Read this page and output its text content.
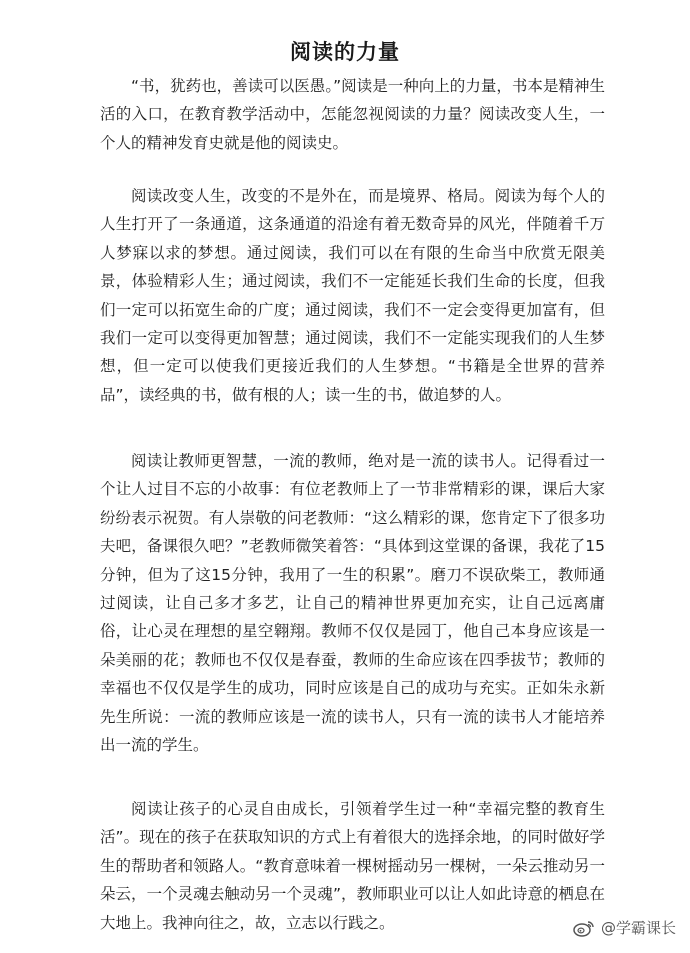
阅读的力量

“书，犹药也，善读可以医愚。”阅读是一种向上的力量，书本是精神生活的入口，在教育教学活动中，怎能忽视阅读的力量？阅读改变人生，一个人的精神发育史就是他的阅读史。

阅读改变人生，改变的不是外在，而是境界、格局。阅读为每个人的人生打开了一条通道，这条通道的沿途有着无数奇异的风光，伴随着千万人梦寐以求的梦想。通过阅读，我们可以在有限的生命当中欣赏无限美景，体验精彩人生；通过阅读，我们不一定能延长我们生命的长度，但我们一定可以拓宽生命的广度；通过阅读，我们不一定会变得更加富有，但我们一定可以变得更加智慧；通过阅读，我们不一定能实现我们的人生梦想，但一定可以使我们更接近我们的人生梦想。“书籍是全世界的营养品”，读经典的书，做有根的人；读一生的书，做追梦的人。

阅读让教师更智慧，一流的教师，绝对是一流的读书人。记得看过一个让人过目不忘的小故事：有位老教师上了一节非常精彩的课，课后大家纷纷表示祝贺。有人崇敬的问老教师：“这么精彩的课，您肯定下了很多功夫吧，备课很久吧？”老教师微笑着答：“具体到这堂课的备课，我花了15分钟，但为了这15分钟，我用了一生的积累”。磨刀不误砍柴工，教师通过阅读，让自己多才多艺，让自己的精神世界更加充实，让自己远离庸俗，让心灵在理想的星空翱翔。教师不仅仅是园丁，他自己本身应该是一朵美丽的花；教师也不仅仅是春蚕，教师的生命应该在四季拔节；教师的幸福也不仅仅是学生的成功，同时应该是自己的成功与充实。正如朱永新先生所说：一流的教师应该是一流的读书人，只有一流的读书人才能培养出一流的学生。

阅读让孩子的心灵自由成长，引领着学生过一种“幸福完整的教育生活”。现在的孩子在获取知识的方式上有着很大的选择余地，的同时做好学生的帮助者和领路人。“教育意味着一棵树摇动另一棵树，一朵云推动另一朵云，一个灵魂去触动另一个灵魂”，教师职业可以让人如此诗意的栖息在大地上。我神向往之，故，立志以行践之。	@学霸课长
